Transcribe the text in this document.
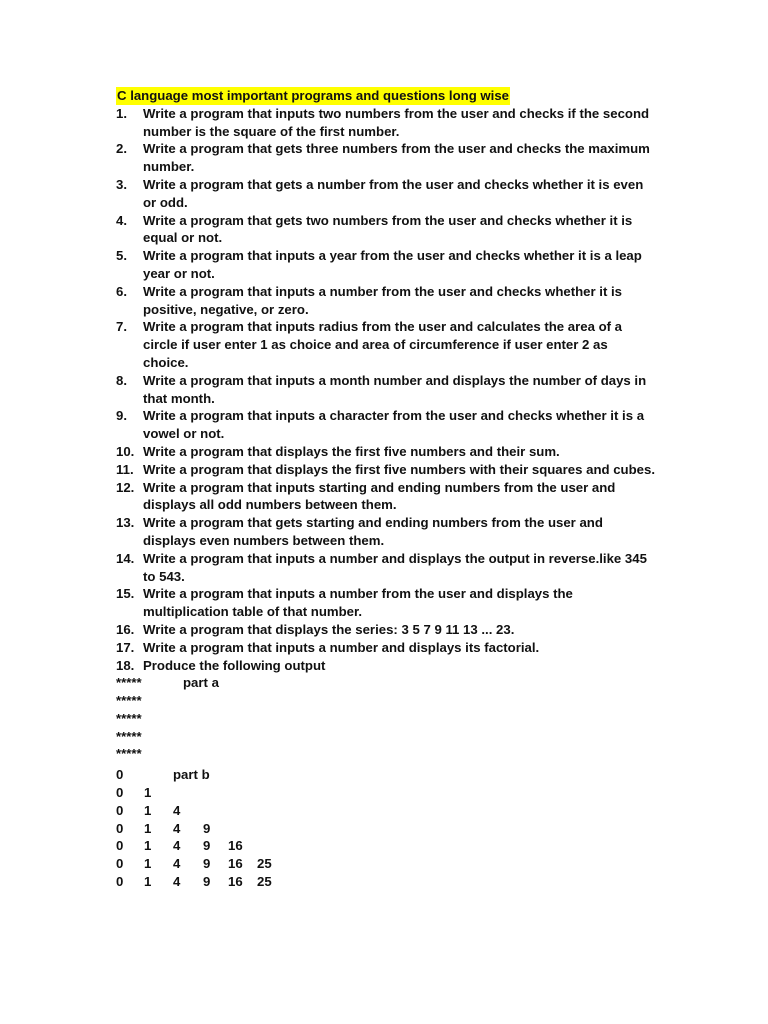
C language most important programs and questions long wise
1. Write a program that inputs two numbers from the user and checks if the second number is the square of the first number.
2. Write a program that gets three numbers from the user and checks the maximum number.
3. Write a program that gets a number from the user and checks whether it is even or odd.
4. Write a program that gets two numbers from the user and checks whether it is equal or not.
5. Write a program that inputs a year from the user and checks whether it is a leap year or not.
6. Write a program that inputs a number from the user and checks whether it is positive, negative, or zero.
7. Write a program that inputs radius from the user and calculates the area of a circle if user enter 1 as choice and area of circumference if user enter 2 as choice.
8. Write a program that inputs a month number and displays the number of days in that month.
9. Write a program that inputs a character from the user and checks whether it is a vowel or not.
10. Write a program that displays the first five numbers and their sum.
11. Write a program that displays the first five numbers with their squares and cubes.
12. Write a program that inputs starting and ending numbers from the user and displays all odd numbers between them.
13. Write a program that gets starting and ending numbers from the user and displays even numbers between them.
14. Write a program that inputs a number and displays the output in reverse.like 345 to 543.
15. Write a program that inputs a number from the user and displays the multiplication table of that number.
16. Write a program that displays the series: 3 5 7 9 11 13 ... 23.
17. Write a program that inputs a number and displays its factorial.
18. Produce the following output
*****	part a
*****
*****
*****
*****
0	part b
0 1
0 1 4
0 1 4 9
0 1 4 9 16
0 1 4 9 16 25
0 1 4 9 16 25
